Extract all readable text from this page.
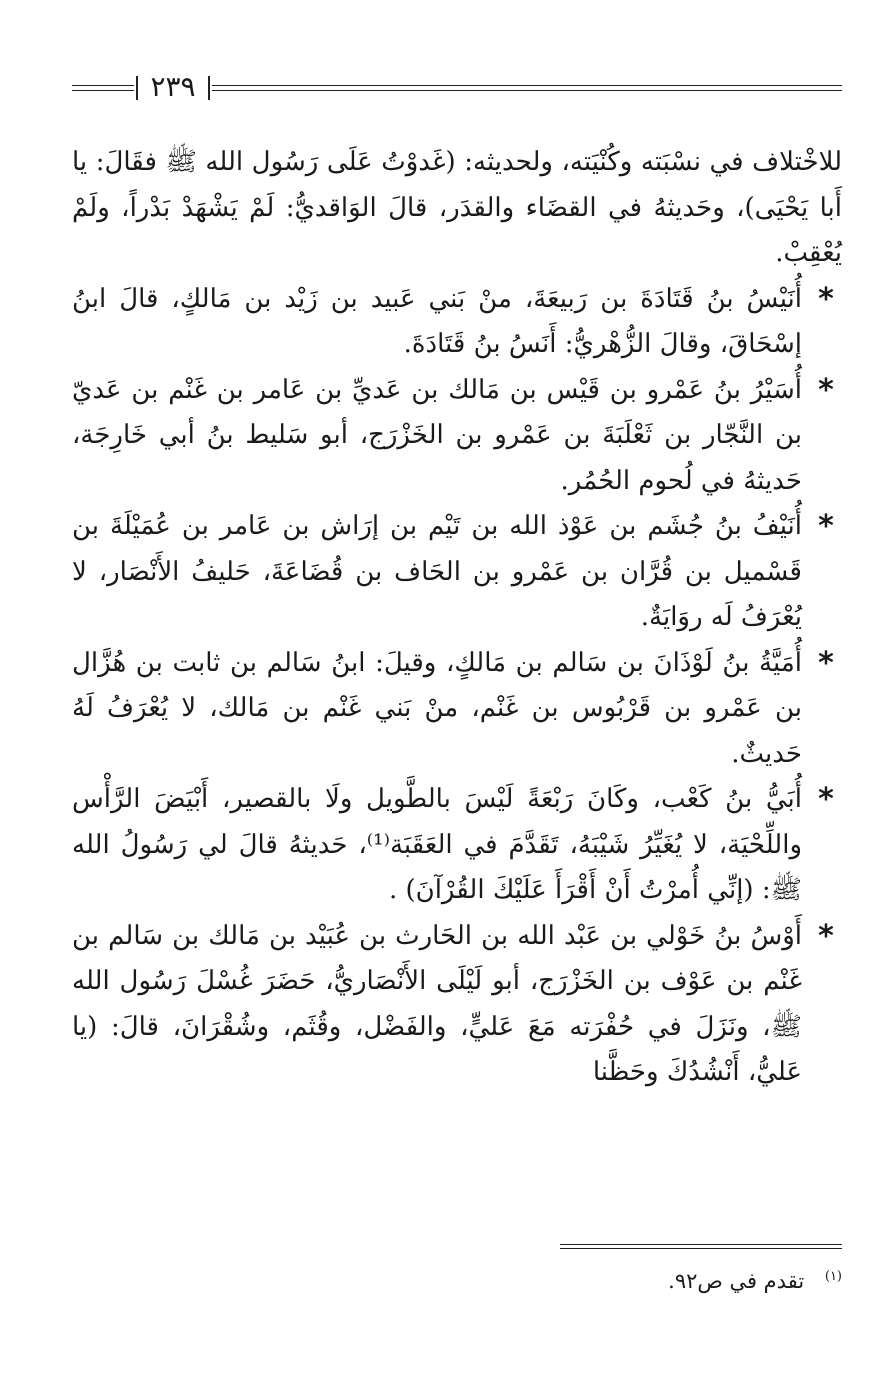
٢٣٩

للاخْتلاف في نسْبَته وكُنْيَته، ولحديثه: (غَدوْتُ عَلَى رَسُول الله ﷺ فقَالَ: يا أَبا يَحْيَى)، وحَديثهُ في القضَاء والقدَر، قالَ الوَاقديُّ: لَمْ يَشْهَدْ بَدْراً، ولَمْ يُعْقِبْ.

*
أُنَيْسُ بنُ قَتَادَةَ بن رَبيعَةَ، منْ بَني عَبيد بن زَيْد بن مَالكٍ، قالَ ابنُ إسْحَاقَ، وقالَ الزُّهْريُّ: أَنَسُ بنُ قَتَادَةَ.

*
أُسَيْرُ بنُ عَمْرو بن قَيْس بن مَالك بن عَديِّ بن عَامر بن غَنْم بن عَديّ بن النَّجّار بن ثَعْلَبَةَ بن عَمْرو بن الخَزْرَج، أبو سَليط بنُ أبي خَارِجَة، حَديثهُ في لُحوم الحُمُر.

*
أُنَيْفُ بنُ جُشَم بن عَوْذ الله بن تَيْم بن إرَاش بن عَامر بن عُمَيْلَةَ بن قَسْميل بن قُرَّان بن عَمْرو بن الحَاف بن قُضَاعَةَ، حَليفُ الأَنْصَار، لا يُعْرَفُ لَه روَايَةٌ.

*
أُمَيَّةُ بنُ لَوْذَانَ بن سَالم بن مَالكٍ، وقيلَ: ابنُ سَالم بن ثابت بن هُزَّال بن عَمْرو بن قَرْبُوس بن غَنْم، منْ بَني غَنْم بن مَالك، لا يُعْرَفُ لَهُ حَديثٌ.

*
أُبَيُّ بنُ كَعْب، وكَانَ رَبْعَةً لَيْسَ بالطَّويل ولَا بالقصير، أَبْيَضَ الرَّأْس واللِّحْيَة، لا يُغَيِّرُ شَيْبَهُ، تَقَدَّمَ في العَقَبَة⁽¹⁾، حَديثهُ قالَ لي رَسُولُ الله ﷺ: (إنِّي أُمرْتُ أَنْ أَقْرَأَ عَلَيْكَ القُرْآنَ) .

*
أَوْسُ بنُ خَوْلي بن عَبْد الله بن الحَارث بن عُبَيْد بن مَالك بن سَالم بن غَنْم بن عَوْف بن الخَزْرَج، أبو لَيْلَى الأَنْصَاريُّ، حَضَرَ غُسْلَ رَسُول الله ﷺ، ونَزَلَ في حُفْرَته مَعَ عَليٍّ، والفَضْل، وقُثَم، وشُقْرَانَ، قالَ: (يا عَليُّ، أَنْشُدُكَ وحَظَّنا

$^{(١)}$ تقدم في ص٩٢.
